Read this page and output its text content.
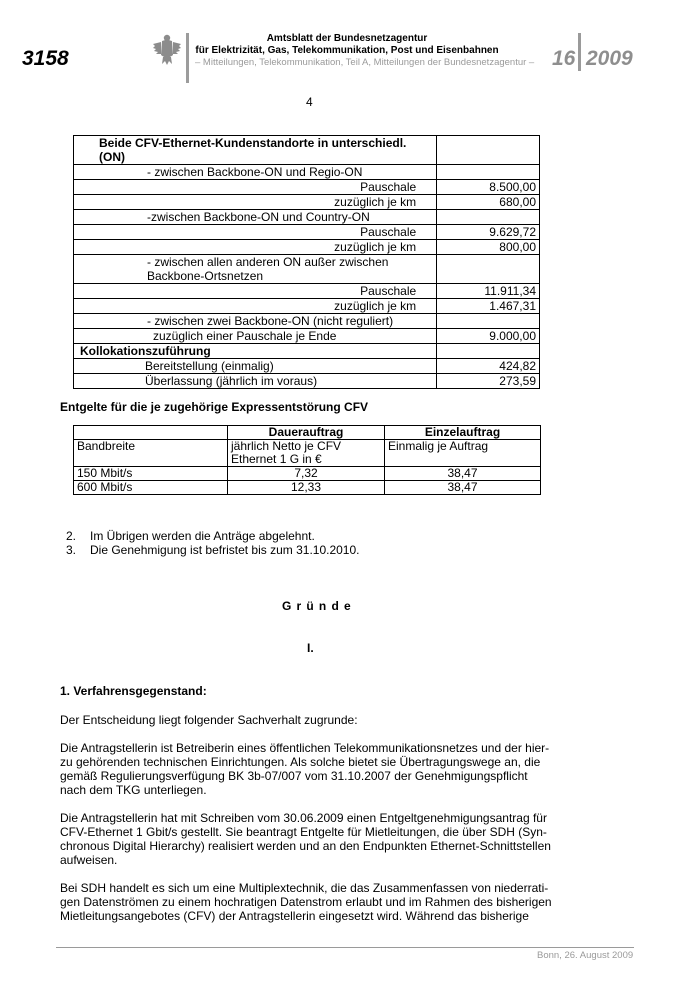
3158
Amtsblatt der Bundesnetzagentur
für Elektrizität, Gas, Telekommunikation, Post und Eisenbahnen
– Mitteilungen, Telekommunikation, Teil A, Mitteilungen der Bundesnetzagentur – 16 2009
4
Beide CFV-Ethernet-Kundenstandorte in unterschiedl. (ON)	

- zwischen Backbone-ON und Regio-ON	

Pauschale	8.500,00

zuzüglich je km	680,00

-zwischen Backbone-ON und Country-ON	

Pauschale	9.629,72

zuzüglich je km	800,00

- zwischen allen anderen ON außer zwischen Backbone-Ortsnetzen	

Pauschale	11.911,34

zuzüglich je km	1.467,31

- zwischen zwei Backbone-ON (nicht reguliert)	

zuzüglich einer Pauschale je Ende	9.000,00

Kollokationszuführung	

Bereitstellung (einmalig)	424,82

Überlassung (jährlich im voraus)	273,59
Entgelte für die je zugehörige Expressentstörung CFV
	Dauerauftrag	Einzelauftrag
Bandbreite	jährlich Netto je CFV Ethernet 1 G in €	Einmalig je Auftrag
150 Mbit/s	7,32	38,47
600 Mbit/s	12,33	38,47
2.	Im Übrigen werden die Anträge abgelehnt.
3.	Die Genehmigung ist befristet bis zum 31.10.2010.
Gründe
I.
1. Verfahrensgegenstand:
Der Entscheidung liegt folgender Sachverhalt zugrunde:
Die Antragstellerin ist Betreiberin eines öffentlichen Telekommunikationsnetzes und der hier-
zu gehörenden technischen Einrichtungen. Als solche bietet sie Übertragungswege an, die
gemäß Regulierungsverfügung BK 3b-07/007 vom 31.10.2007 der Genehmigungspflicht
nach dem TKG unterliegen.
Die Antragstellerin hat mit Schreiben vom 30.06.2009 einen Entgeltgenehmigungsantrag für
CFV-Ethernet 1 Gbit/s gestellt. Sie beantragt Entgelte für Mietleitungen, die über SDH (Syn-
chronous Digital Hierarchy) realisiert werden und an den Endpunkten Ethernet-Schnittstellen
aufweisen.
Bei SDH handelt es sich um eine Multiplextechnik, die das Zusammenfassen von niederrati-
gen Datenströmen zu einem hochratigen Datenstrom erlaubt und im Rahmen des bisherigen
Mietleitungsangebotes (CFV) der Antragstellerin eingesetzt wird. Während das bisherige
Bonn, 26. August 2009
